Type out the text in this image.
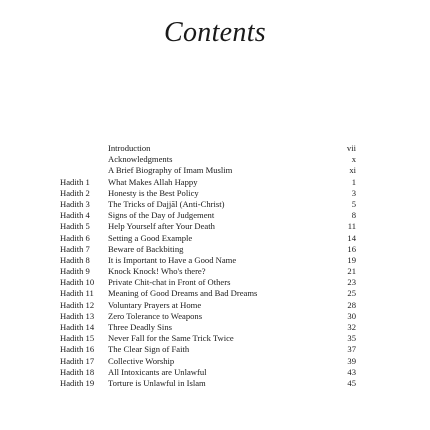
Contents
Introduction	vii
Acknowledgments	x
A Brief Biography of Imam Muslim	xi
Hadith 1 What Makes Allah Happy	1
Hadith 2 Honesty is the Best Policy	3
Hadith 3 The Tricks of Dajjāl (Anti-Christ)	5
Hadith 4 Signs of the Day of Judgement	8
Hadith 5 Help Yourself after Your Death	11
Hadith 6 Setting a Good Example	14
Hadith 7 Beware of Backbiting	16
Hadith 8 It is Important to Have a Good Name	19
Hadith 9 Knock Knock! Who's there?	21
Hadith 10 Private Chit-chat in Front of Others	23
Hadith 11 Meaning of Good Dreams and Bad Dreams	25
Hadith 12 Voluntary Prayers at Home	28
Hadith 13 Zero Tolerance to Weapons	30
Hadith 14 Three Deadly Sins	32
Hadith 15 Never Fall for the Same Trick Twice	35
Hadith 16 The Clear Sign of Faith	37
Hadith 17 Collective Worship	39
Hadith 18 All Intoxicants are Unlawful	43
Hadith 19 Torture is Unlawful in Islam	45
